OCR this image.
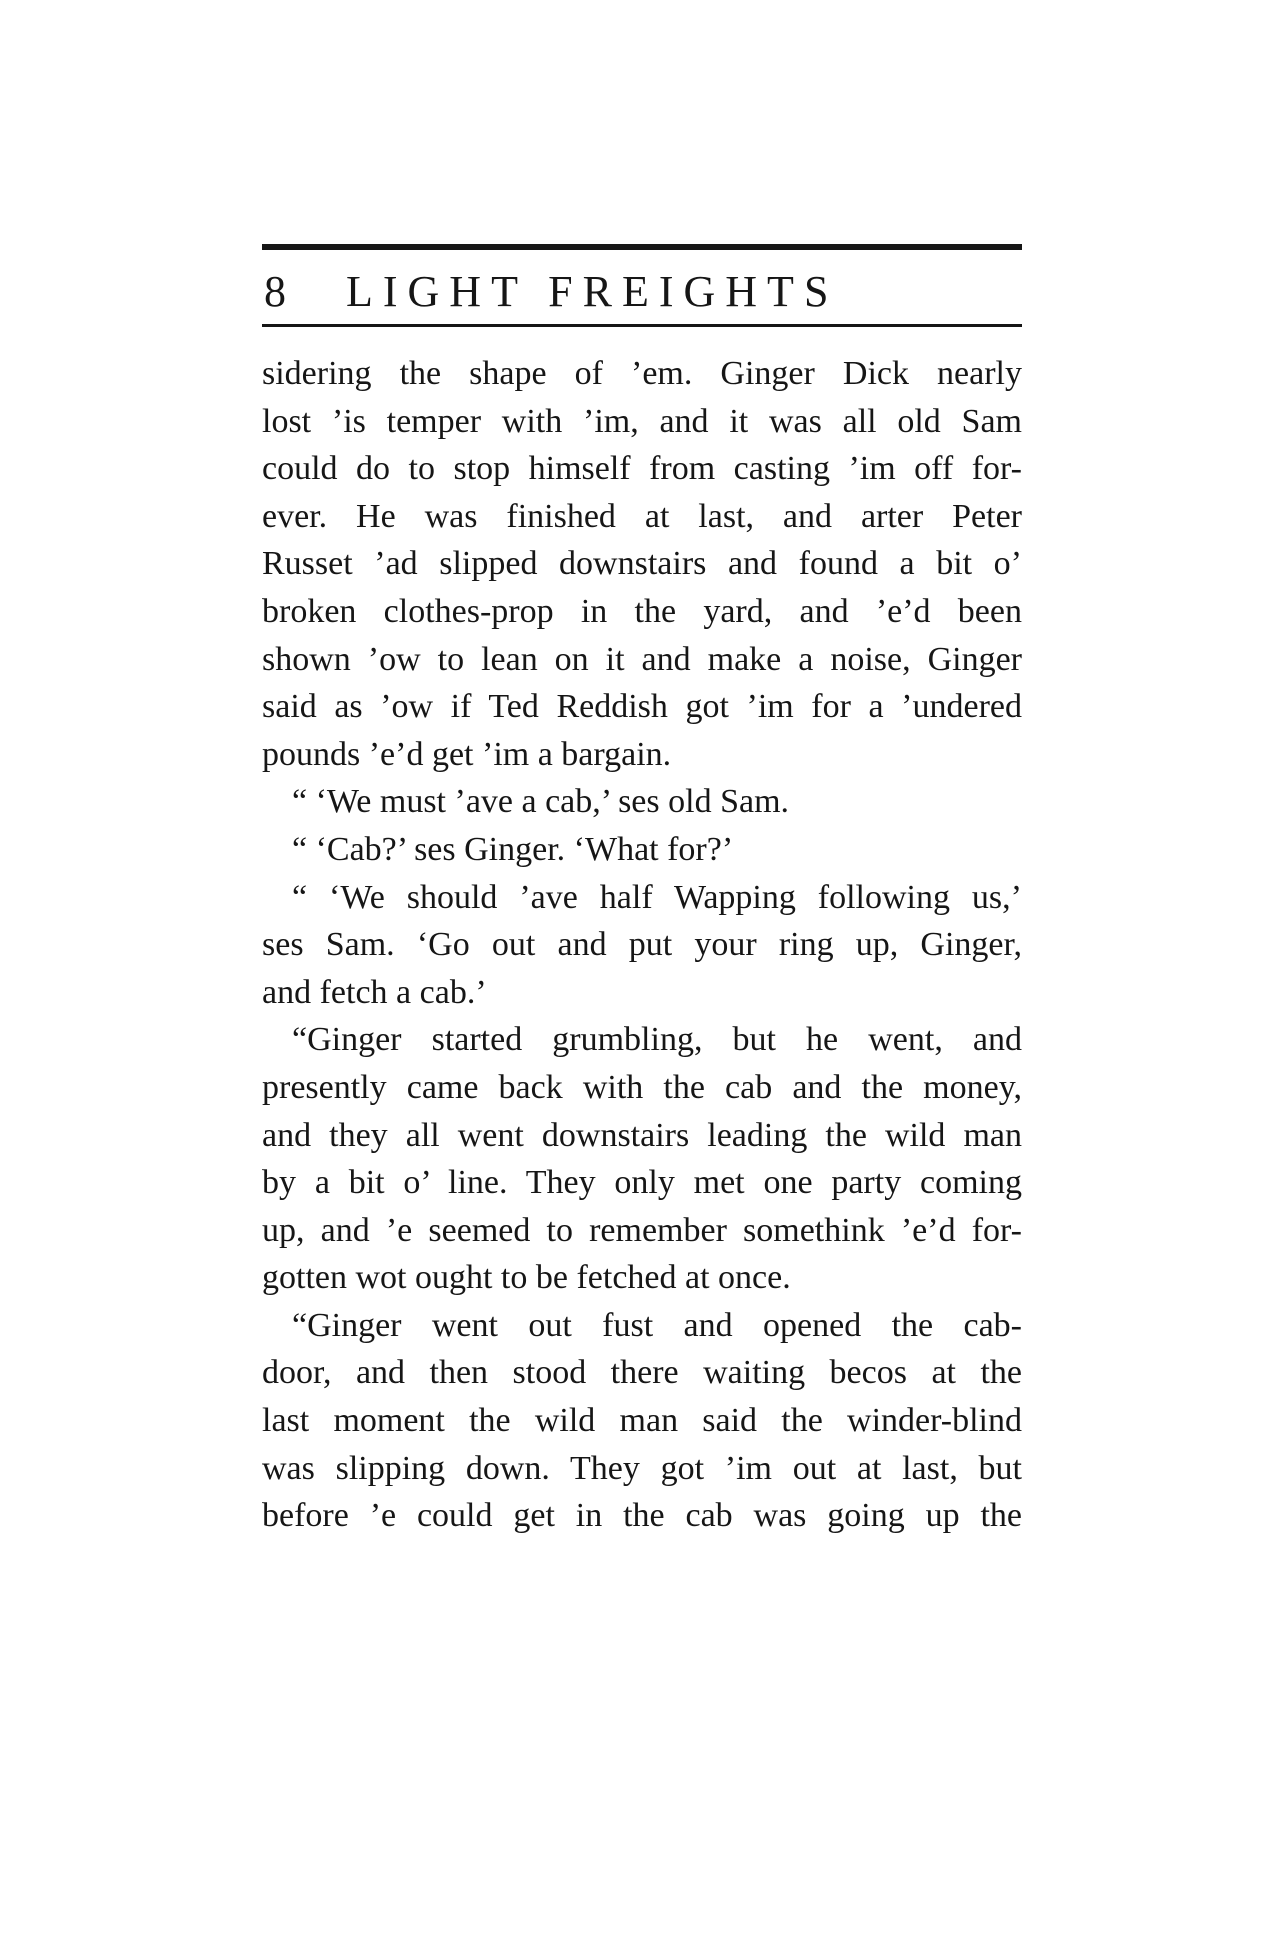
8	LIGHT FREIGHTS
sidering the shape of ’em. Ginger Dick nearly
lost ’is temper with ’im, and it was all old Sam
could do to stop himself from casting ’im off for-
ever. He was finished at last, and arter Peter
Russet ’ad slipped downstairs and found a bit o’
broken clothes-prop in the yard, and ’e’d been
shown ’ow to lean on it and make a noise, Ginger
said as ’ow if Ted Reddish got ’im for a ’undered
pounds ’e’d get ’im a bargain.
“ ‘We must ’ave a cab,’ ses old Sam.
“ ‘Cab?’ ses Ginger. ‘What for?’
“ ‘We should ’ave half Wapping following us,’
ses Sam. ‘Go out and put your ring up, Ginger,
and fetch a cab.’
“Ginger started grumbling, but he went, and
presently came back with the cab and the money,
and they all went downstairs leading the wild man
by a bit o’ line. They only met one party coming
up, and ’e seemed to remember somethink ’e’d for-
gotten wot ought to be fetched at once.
“Ginger went out fust and opened the cab-
door, and then stood there waiting becos at the
last moment the wild man said the winder-blind
was slipping down. They got ’im out at last, but
before ’e could get in the cab was going up the
